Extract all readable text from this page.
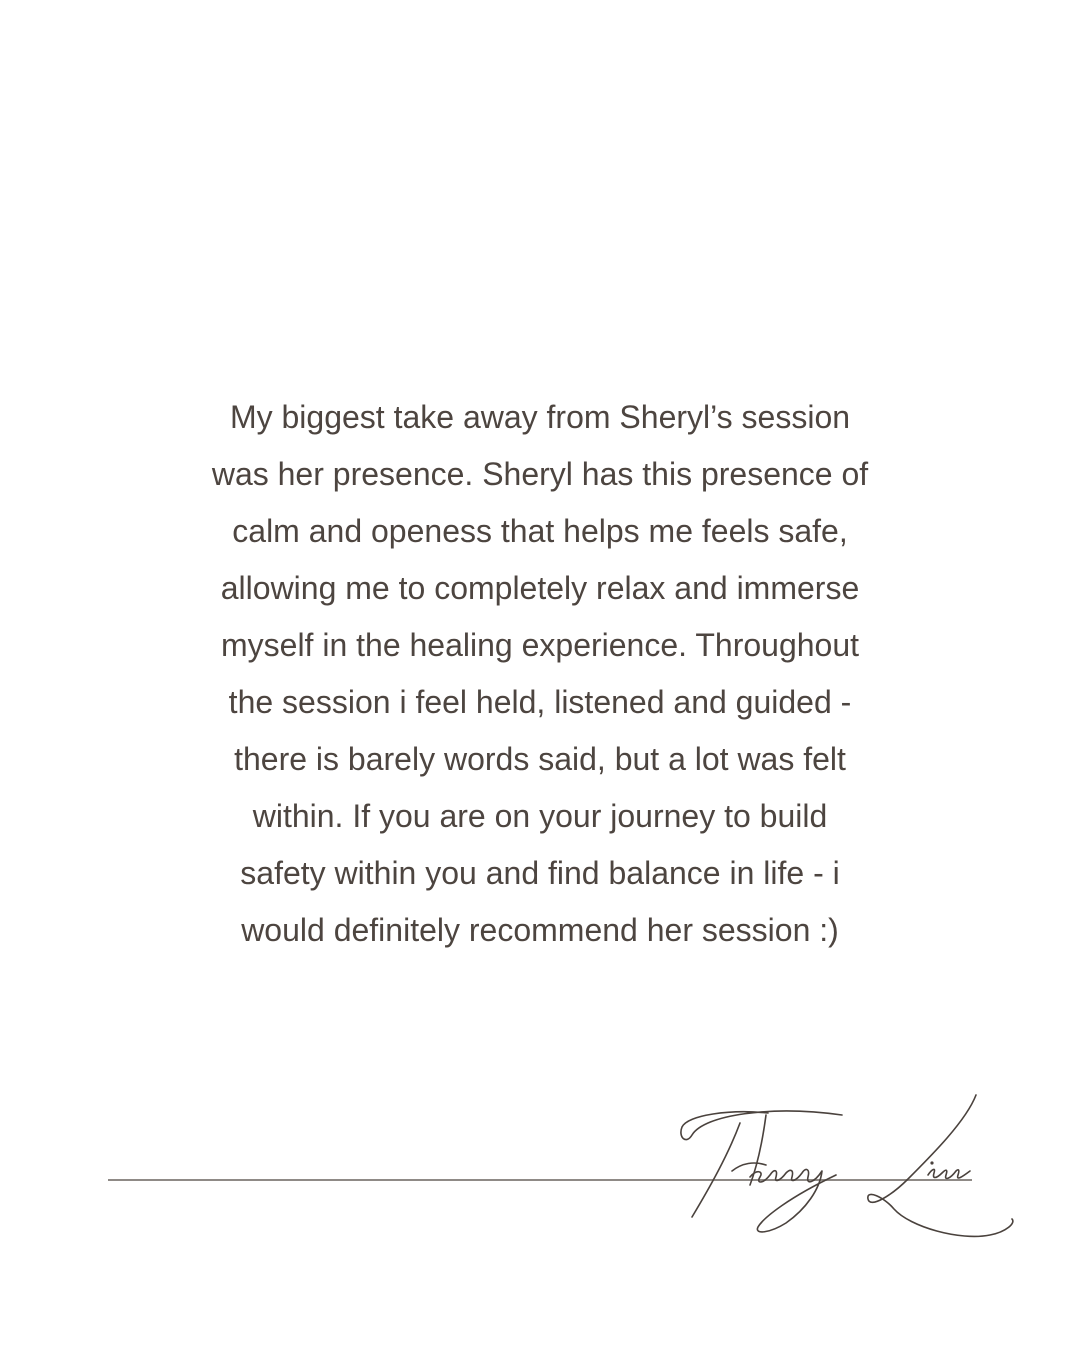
My biggest take away from Sheryl’s session
was her presence. Sheryl has this presence of
calm and openess that helps me feels safe,
allowing me to completely relax and immerse
myself in the healing experience. Throughout
the session i feel held, listened and guided -
there is barely words said, but a lot was felt
within. If you are on your journey to build
safety within you and find balance in life - i
would definitely recommend her session :)
